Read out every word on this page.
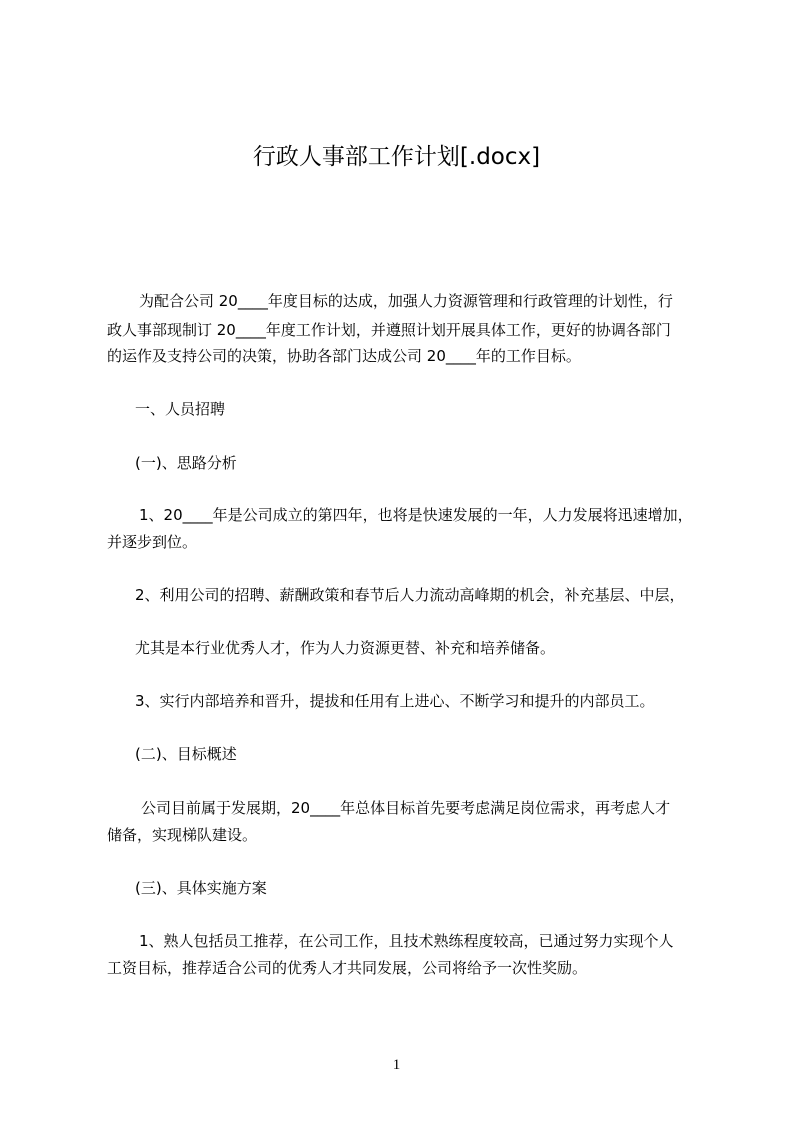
行政人事部工作计划[.docx]

为配合公司 20____年度目标的达成，加强人力资源管理和行政管理的计划性，行

政人事部现制订 20____年度工作计划，并遵照计划开展具体工作，更好的协调各部门

的运作及支持公司的决策，协助各部门达成公司 20____年的工作目标。

一、人员招聘

(一)、思路分析

1、20____年是公司成立的第四年，也将是快速发展的一年，人力发展将迅速增加，

并逐步到位。

2、利用公司的招聘、薪酬政策和春节后人力流动高峰期的机会，补充基层、中层，

尤其是本行业优秀人才，作为人力资源更替、补充和培养储备。

3、实行内部培养和晋升，提拔和任用有上进心、不断学习和提升的内部员工。

(二)、目标概述

公司目前属于发展期，20____年总体目标首先要考虑满足岗位需求，再考虑人才

储备，实现梯队建设。

(三)、具体实施方案

1、熟人包括员工推荐，在公司工作，且技术熟练程度较高，已通过努力实现个人

工资目标，推荐适合公司的优秀人才共同发展，公司将给予一次性奖励。

1
